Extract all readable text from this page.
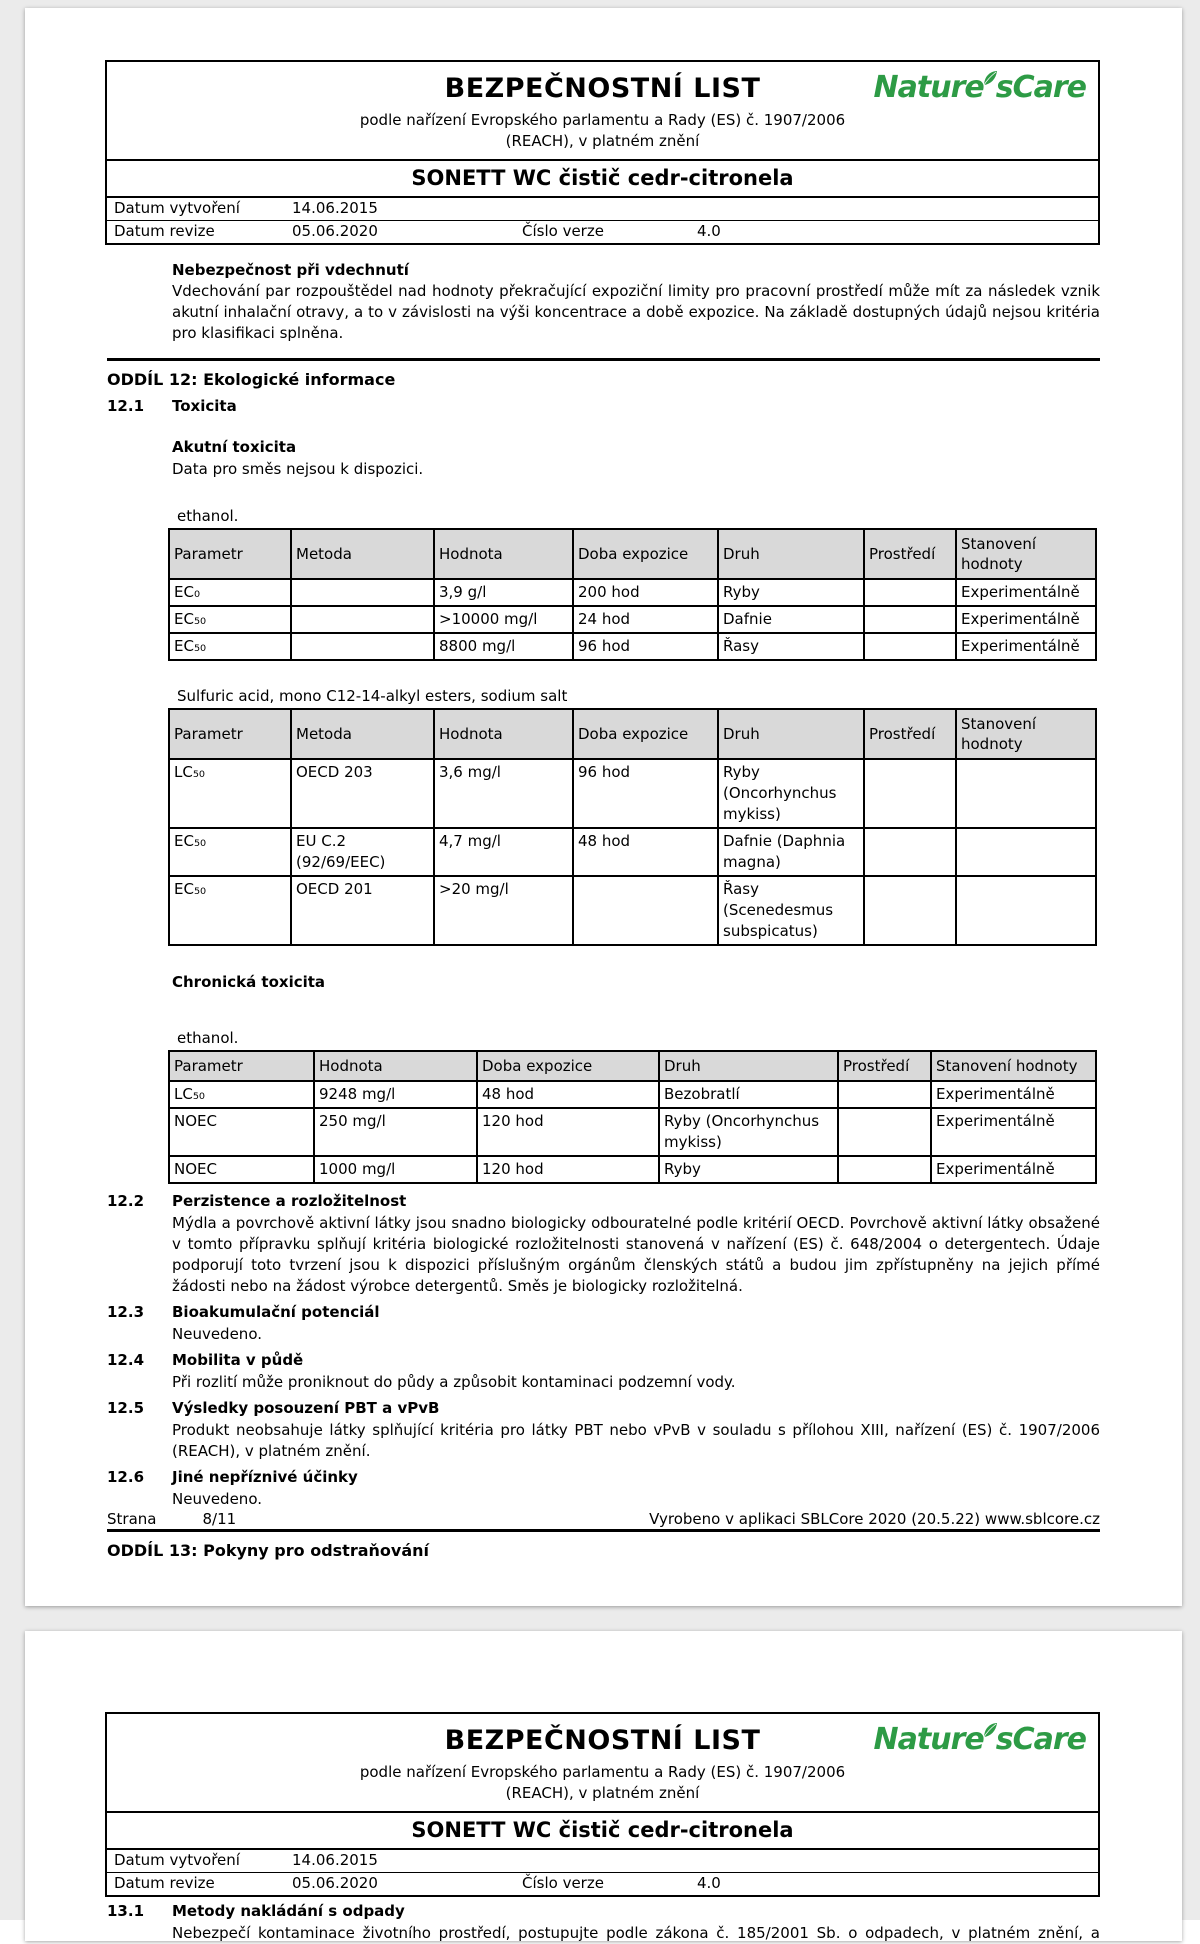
BEZPEČNOSTNÍ LIST
podle nařízení Evropského parlamentu a Rady (ES) č. 1907/2006
(REACH), v platném znění
Nature sCare
SONETT WC čistič cedr-citronela
Datum vytvoření	14.06.2015
Datum revize	05.06.2020	Číslo verze	4.0
Nebezpečnost při vdechnutí
Vdechování par rozpouštědel nad hodnoty překračující expoziční limity pro pracovní prostředí může mít za následek vznik akutní inhalační otravy, a to v závislosti na výši koncentrace a době expozice. Na základě dostupných údajů nejsou kritéria pro klasifikaci splněna.
ODDÍL 12: Ekologické informace
12.1	Toxicita
Akutní toxicita
Data pro směs nejsou k dispozici.
ethanol.
Parametr	Metoda	Hodnota	Doba expozice	Druh	Prostředí	Stanovení hodnoty
EC₀		3,9 g/l	200 hod	Ryby		Experimentálně
EC₅₀		>10000 mg/l	24 hod	Dafnie		Experimentálně
EC₅₀		8800 mg/l	96 hod	Řasy		Experimentálně
Sulfuric acid, mono C12-14-alkyl esters, sodium salt
Parametr	Metoda	Hodnota	Doba expozice	Druh	Prostředí	Stanovení hodnoty
LC₅₀	OECD 203	3,6 mg/l	96 hod	Ryby (Oncorhynchus mykiss)		
EC₅₀	EU C.2 (92/69/EEC)	4,7 mg/l	48 hod	Dafnie (Daphnia magna)		
EC₅₀	OECD 201	>20 mg/l		Řasy (Scenedesmus subspicatus)		
Chronická toxicita
ethanol.
Parametr	Hodnota	Doba expozice	Druh	Prostředí	Stanovení hodnoty
LC₅₀	9248 mg/l	48 hod	Bezobratlí		Experimentálně
NOEC	250 mg/l	120 hod	Ryby (Oncorhynchus mykiss)		Experimentálně
NOEC	1000 mg/l	120 hod	Ryby		Experimentálně
12.2	Perzistence a rozložitelnost
Mýdla a povrchově aktivní látky jsou snadno biologicky odbouratelné podle kritérií OECD. Povrchově aktivní látky obsažené v tomto přípravku splňují kritéria biologické rozložitelnosti stanovená v nařízení (ES) č. 648/2004 o detergentech. Údaje podporují toto tvrzení jsou k dispozici příslušným orgánům členských států a budou jim zpřístupněny na jejich přímé žádosti nebo na žádost výrobce detergentů. Směs je biologicky rozložitelná.
12.3	Bioakumulační potenciál
Neuvedeno.
12.4	Mobilita v půdě
Při rozlití může proniknout do půdy a způsobit kontaminaci podzemní vody.
12.5	Výsledky posouzení PBT a vPvB
Produkt neobsahuje látky splňující kritéria pro látky PBT nebo vPvB v souladu s přílohou XIII, nařízení (ES) č. 1907/2006 (REACH), v platném znění.
12.6	Jiné nepříznivé účinky
Neuvedeno.
ODDÍL 13: Pokyny pro odstraňování
Strana	8/11	Vyrobeno v aplikaci SBLCore 2020 (20.5.22) www.sblcore.cz
BEZPEČNOSTNÍ LIST
podle nařízení Evropského parlamentu a Rady (ES) č. 1907/2006
(REACH), v platném znění
Nature sCare
SONETT WC čistič cedr-citronela
Datum vytvoření	14.06.2015
Datum revize	05.06.2020	Číslo verze	4.0
13.1	Metody nakládání s odpady
Nebezpečí kontaminace životního prostředí, postupujte podle zákona č. 185/2001 Sb. o odpadech, v platném znění, a
